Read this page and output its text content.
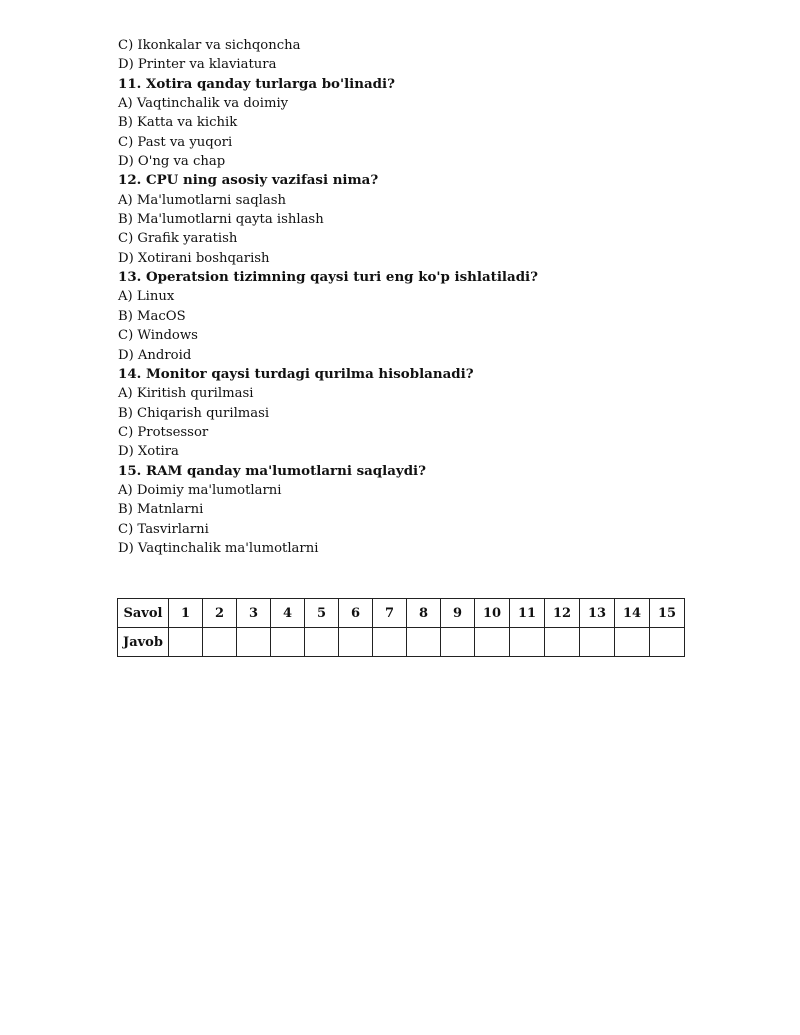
C) Ikonkalar va sichqoncha
D) Printer va klaviatura
11. Xotira qanday turlarga bo'linadi?
A) Vaqtinchalik va doimiy
B) Katta va kichik
C) Past va yuqori
D) O'ng va chap
12. CPU ning asosiy vazifasi nima?
A) Ma'lumotlarni saqlash
B) Ma'lumotlarni qayta ishlash
C) Grafik yaratish
D) Xotirani boshqarish
13. Operatsion tizimning qaysi turi eng ko'p ishlatiladi?
A) Linux
B) MacOS
C) Windows
D) Android
14. Monitor qaysi turdagi qurilma hisoblanadi?
A) Kiritish qurilmasi
B) Chiqarish qurilmasi
C) Protsessor
D) Xotira
15. RAM qanday ma'lumotlarni saqlaydi?
A) Doimiy ma'lumotlarni
B) Matnlarni
C) Tasvirlarni
D) Vaqtinchalik ma'lumotlarni
Savol	1	2	3	4	5	6	7	8	9	10	11	12	13	14	15
Javob															
